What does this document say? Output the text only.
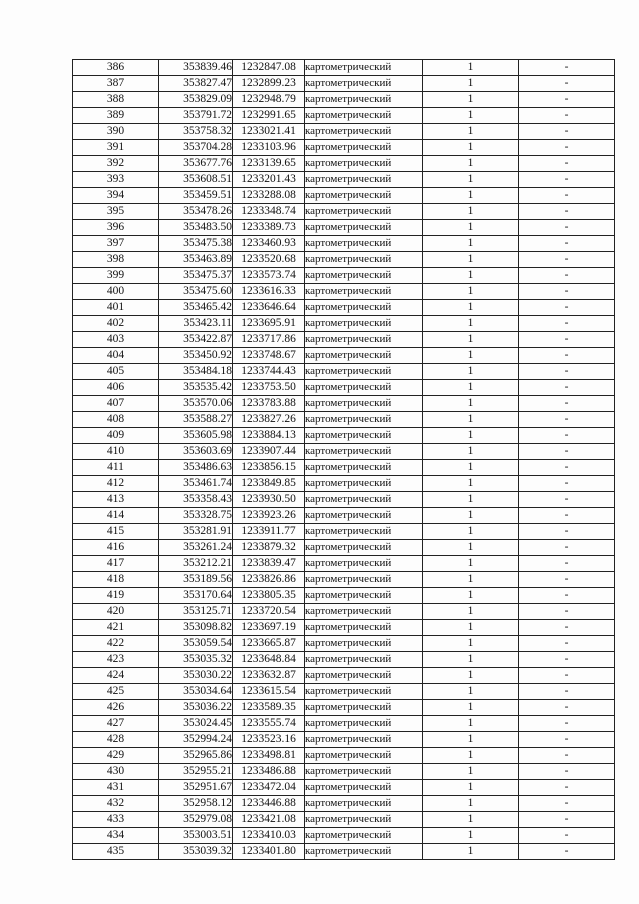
386	353839.46	1232847.08	картометрический	1	-
387	353827.47	1232899.23	картометрический	1	-
388	353829.09	1232948.79	картометрический	1	-
389	353791.72	1232991.65	картометрический	1	-
390	353758.32	1233021.41	картометрический	1	-
391	353704.28	1233103.96	картометрический	1	-
392	353677.76	1233139.65	картометрический	1	-
393	353608.51	1233201.43	картометрический	1	-
394	353459.51	1233288.08	картометрический	1	-
395	353478.26	1233348.74	картометрический	1	-
396	353483.50	1233389.73	картометрический	1	-
397	353475.38	1233460.93	картометрический	1	-
398	353463.89	1233520.68	картометрический	1	-
399	353475.37	1233573.74	картометрический	1	-
400	353475.60	1233616.33	картометрический	1	-
401	353465.42	1233646.64	картометрический	1	-
402	353423.11	1233695.91	картометрический	1	-
403	353422.87	1233717.86	картометрический	1	-
404	353450.92	1233748.67	картометрический	1	-
405	353484.18	1233744.43	картометрический	1	-
406	353535.42	1233753.50	картометрический	1	-
407	353570.06	1233783.88	картометрический	1	-
408	353588.27	1233827.26	картометрический	1	-
409	353605.98	1233884.13	картометрический	1	-
410	353603.69	1233907.44	картометрический	1	-
411	353486.63	1233856.15	картометрический	1	-
412	353461.74	1233849.85	картометрический	1	-
413	353358.43	1233930.50	картометрический	1	-
414	353328.75	1233923.26	картометрический	1	-
415	353281.91	1233911.77	картометрический	1	-
416	353261.24	1233879.32	картометрический	1	-
417	353212.21	1233839.47	картометрический	1	-
418	353189.56	1233826.86	картометрический	1	-
419	353170.64	1233805.35	картометрический	1	-
420	353125.71	1233720.54	картометрический	1	-
421	353098.82	1233697.19	картометрический	1	-
422	353059.54	1233665.87	картометрический	1	-
423	353035.32	1233648.84	картометрический	1	-
424	353030.22	1233632.87	картометрический	1	-
425	353034.64	1233615.54	картометрический	1	-
426	353036.22	1233589.35	картометрический	1	-
427	353024.45	1233555.74	картометрический	1	-
428	352994.24	1233523.16	картометрический	1	-
429	352965.86	1233498.81	картометрический	1	-
430	352955.21	1233486.88	картометрический	1	-
431	352951.67	1233472.04	картометрический	1	-
432	352958.12	1233446.88	картометрический	1	-
433	352979.08	1233421.08	картометрический	1	-
434	353003.51	1233410.03	картометрический	1	-
435	353039.32	1233401.80	картометрический	1	-
